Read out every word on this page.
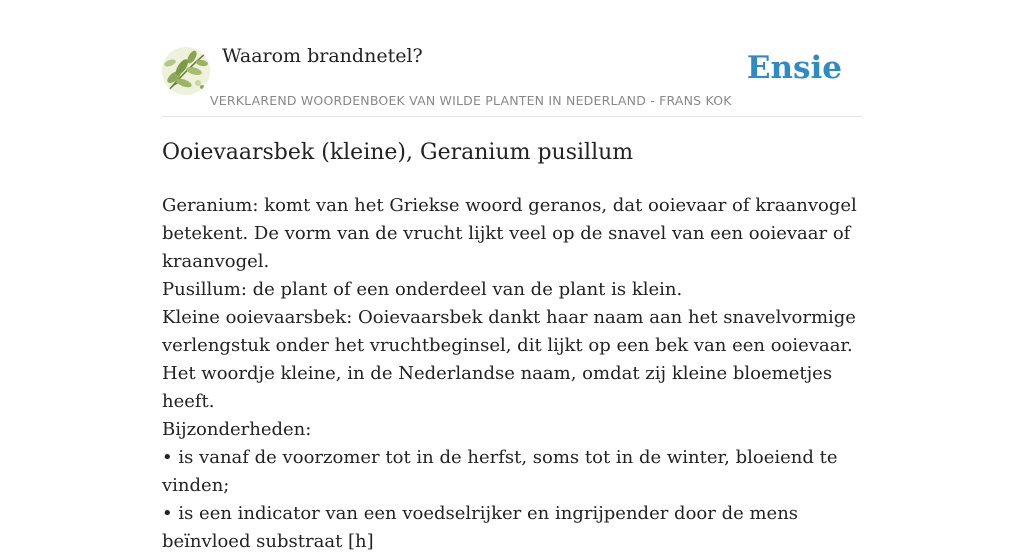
Waarom brandnetel?	Ensie
VERKLAREND WOORDENBOEK VAN WILDE PLANTEN IN NEDERLAND - FRANS KOK
Ooievaarsbek (kleine), Geranium pusillum

Geranium: komt van het Griekse woord geranos, dat ooievaar of kraanvogel betekent. De vorm van de vrucht lijkt veel op de snavel van een ooievaar of kraanvogel.

Pusillum: de plant of een onderdeel van de plant is klein.

Kleine ooievaarsbek: Ooievaarsbek dankt haar naam aan het snavelvormige verlengstuk onder het vruchtbeginsel, dit lijkt op een bek van een ooievaar. Het woordje kleine, in de Nederlandse naam, omdat zij kleine bloemetjes heeft.

Bijzonderheden:

• is vanaf de voorzomer tot in de herfst, soms tot in de winter, bloeiend te vinden;

• is een indicator van een voedselrijker en ingrijpender door de mens beïnvloed substraat [h]
